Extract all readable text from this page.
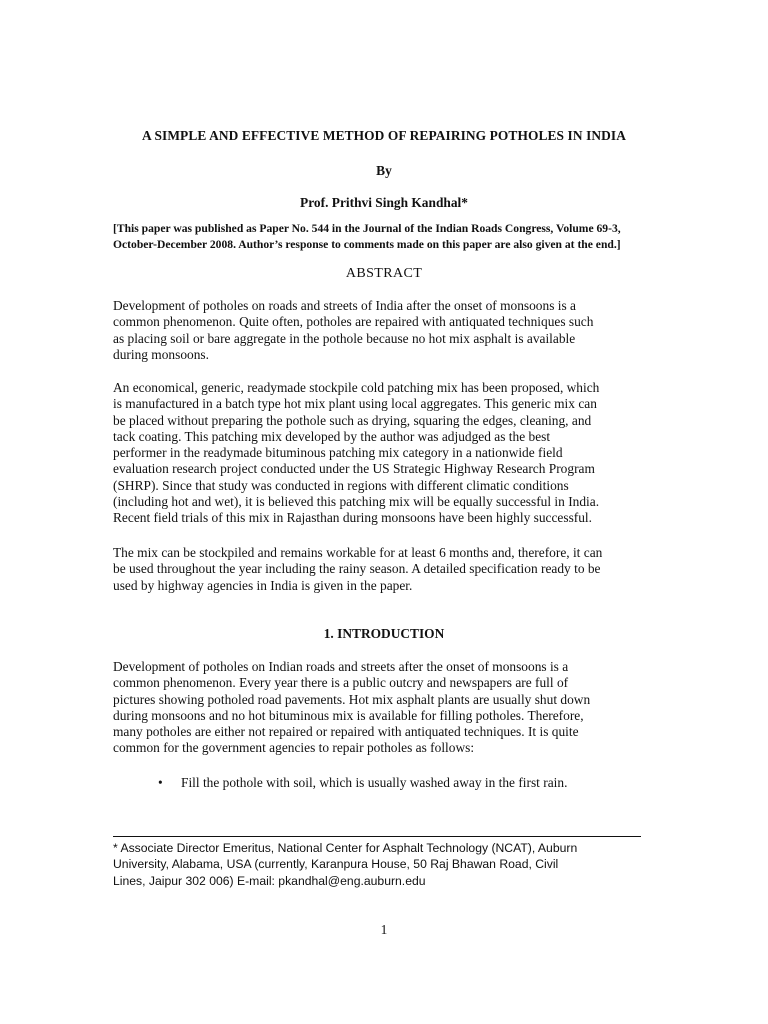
A SIMPLE AND EFFECTIVE METHOD OF REPAIRING POTHOLES IN INDIA
By
Prof. Prithvi Singh Kandhal*
[This paper was published as Paper No. 544 in the Journal of the Indian Roads Congress, Volume 69-3,
October-December 2008. Author’s response to comments made on this paper are also given at the end.]
ABSTRACT
Development of potholes on roads and streets of India after the onset of monsoons is a
common phenomenon. Quite often, potholes are repaired with antiquated techniques such
as placing soil or bare aggregate in the pothole because no hot mix asphalt is available
during monsoons.
An economical, generic, readymade stockpile cold patching mix has been proposed, which
is manufactured in a batch type hot mix plant using local aggregates. This generic mix can
be placed without preparing the pothole such as drying, squaring the edges, cleaning, and
tack coating. This patching mix developed by the author was adjudged as the best
performer in the readymade bituminous patching mix category in a nationwide field
evaluation research project conducted under the US Strategic Highway Research Program
(SHRP). Since that study was conducted in regions with different climatic conditions
(including hot and wet), it is believed this patching mix will be equally successful in India.
Recent field trials of this mix in Rajasthan during monsoons have been highly successful.
The mix can be stockpiled and remains workable for at least 6 months and, therefore, it can
be used throughout the year including the rainy season. A detailed specification ready to be
used by highway agencies in India is given in the paper.
1. INTRODUCTION
Development of potholes on Indian roads and streets after the onset of monsoons is a
common phenomenon. Every year there is a public outcry and newspapers are full of
pictures showing potholed road pavements. Hot mix asphalt plants are usually shut down
during monsoons and no hot bituminous mix is available for filling potholes. Therefore,
many potholes are either not repaired or repaired with antiquated techniques. It is quite
common for the government agencies to repair potholes as follows:
• Fill the pothole with soil, which is usually washed away in the first rain.
* Associate Director Emeritus, National Center for Asphalt Technology (NCAT), Auburn
University, Alabama, USA (currently, Karanpura House, 50 Raj Bhawan Road, Civil
Lines, Jaipur 302 006) E-mail: pkandhal@eng.auburn.edu
1
